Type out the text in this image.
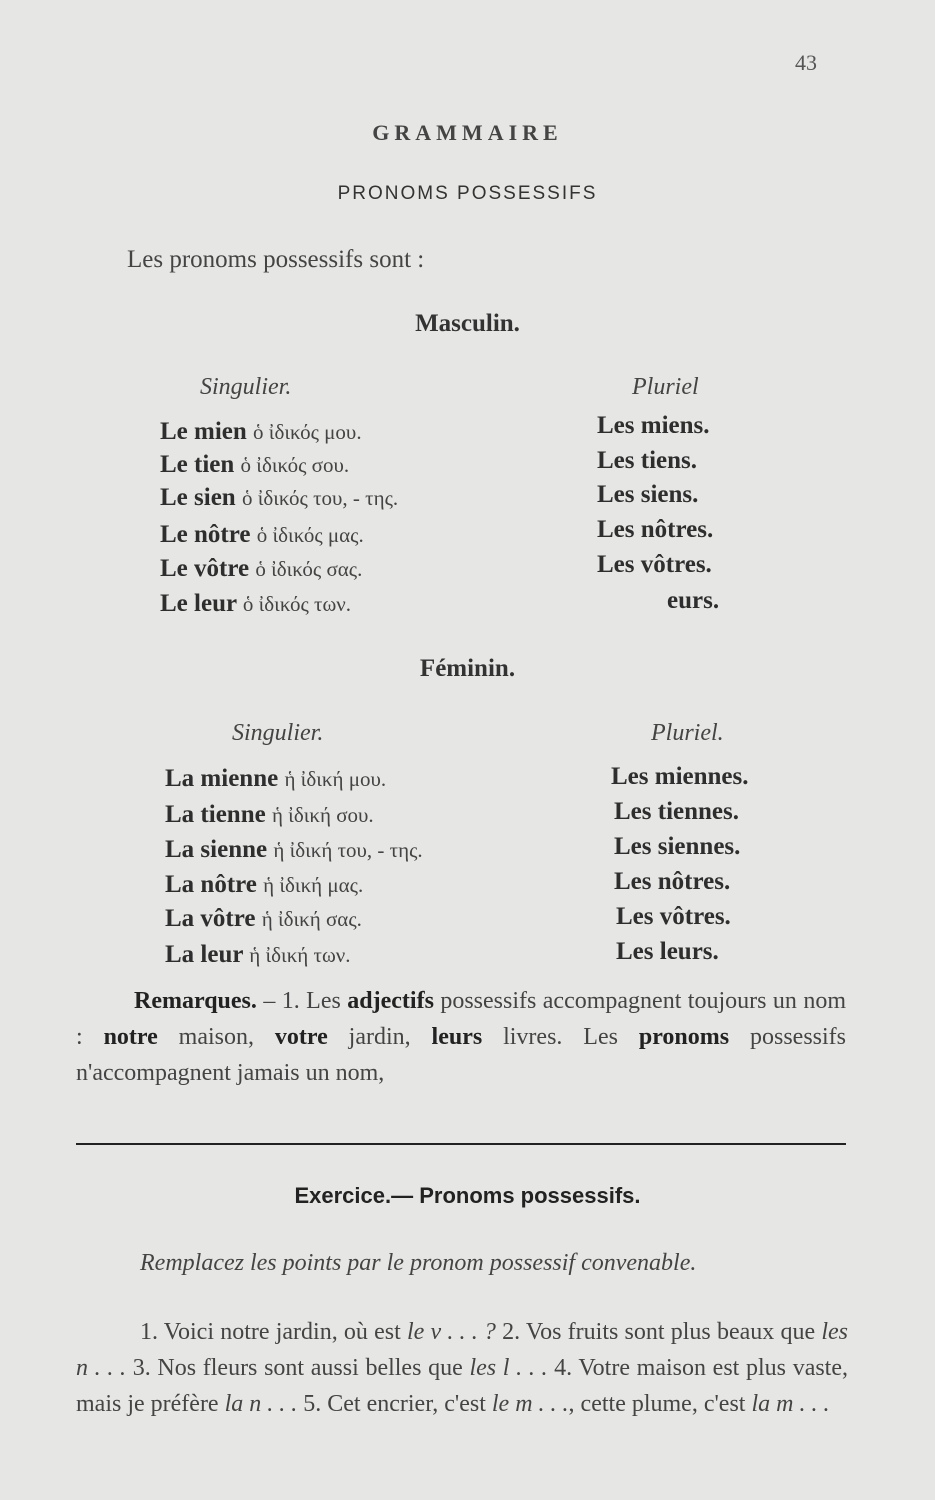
43
GRAMMAIRE
PRONOMS POSSESSIFS
Les pronoms possessifs sont :
Masculin.
Singulier.	Pluriel
Le mien ὁ ἰδικός μου.
Le tien ὁ ἰδικός σου.
Le sien ὁ ἰδικός του, - της.
Le nôtre ὁ ἰδικός μας.
Le vôtre ὁ ἰδικός σας.
Le leur ὁ ἰδικός των.
Les miens.
Les tiens.
Les siens.
Les nôtres.
Les vôtres.
eurs.
Féminin.
Singulier.	Pluriel.
La mienne ἡ ἰδική μου.
La tienne ἡ ἰδική σου.
La sienne ἡ ἰδική του, - της.
La nôtre ἡ ἰδική μας.
La vôtre ἡ ἰδική σας.
La leur ἡ ἰδική των.
Les miennes.
Les tiennes.
Les siennes.
Les nôtres.
Les vôtres.
Les leurs.
Remarques. – 1. Les adjectifs possessifs accompagnent toujours un nom : notre maison, votre jardin, leurs livres. Les pronoms possessifs n'accompagnent jamais un nom,
Exercice.— Pronoms possessifs.
Remplacez les points par le pronom possessif convenable.
1. Voici notre jardin, où est le v . . . ? 2. Vos fruits sont plus beaux que les n . . . 3. Nos fleurs sont aussi belles que les l . . . 4. Votre maison est plus vaste, mais je préfère la n . . . 5. Cet encrier, c'est le m . . ., cette plume, c'est la m . . .
